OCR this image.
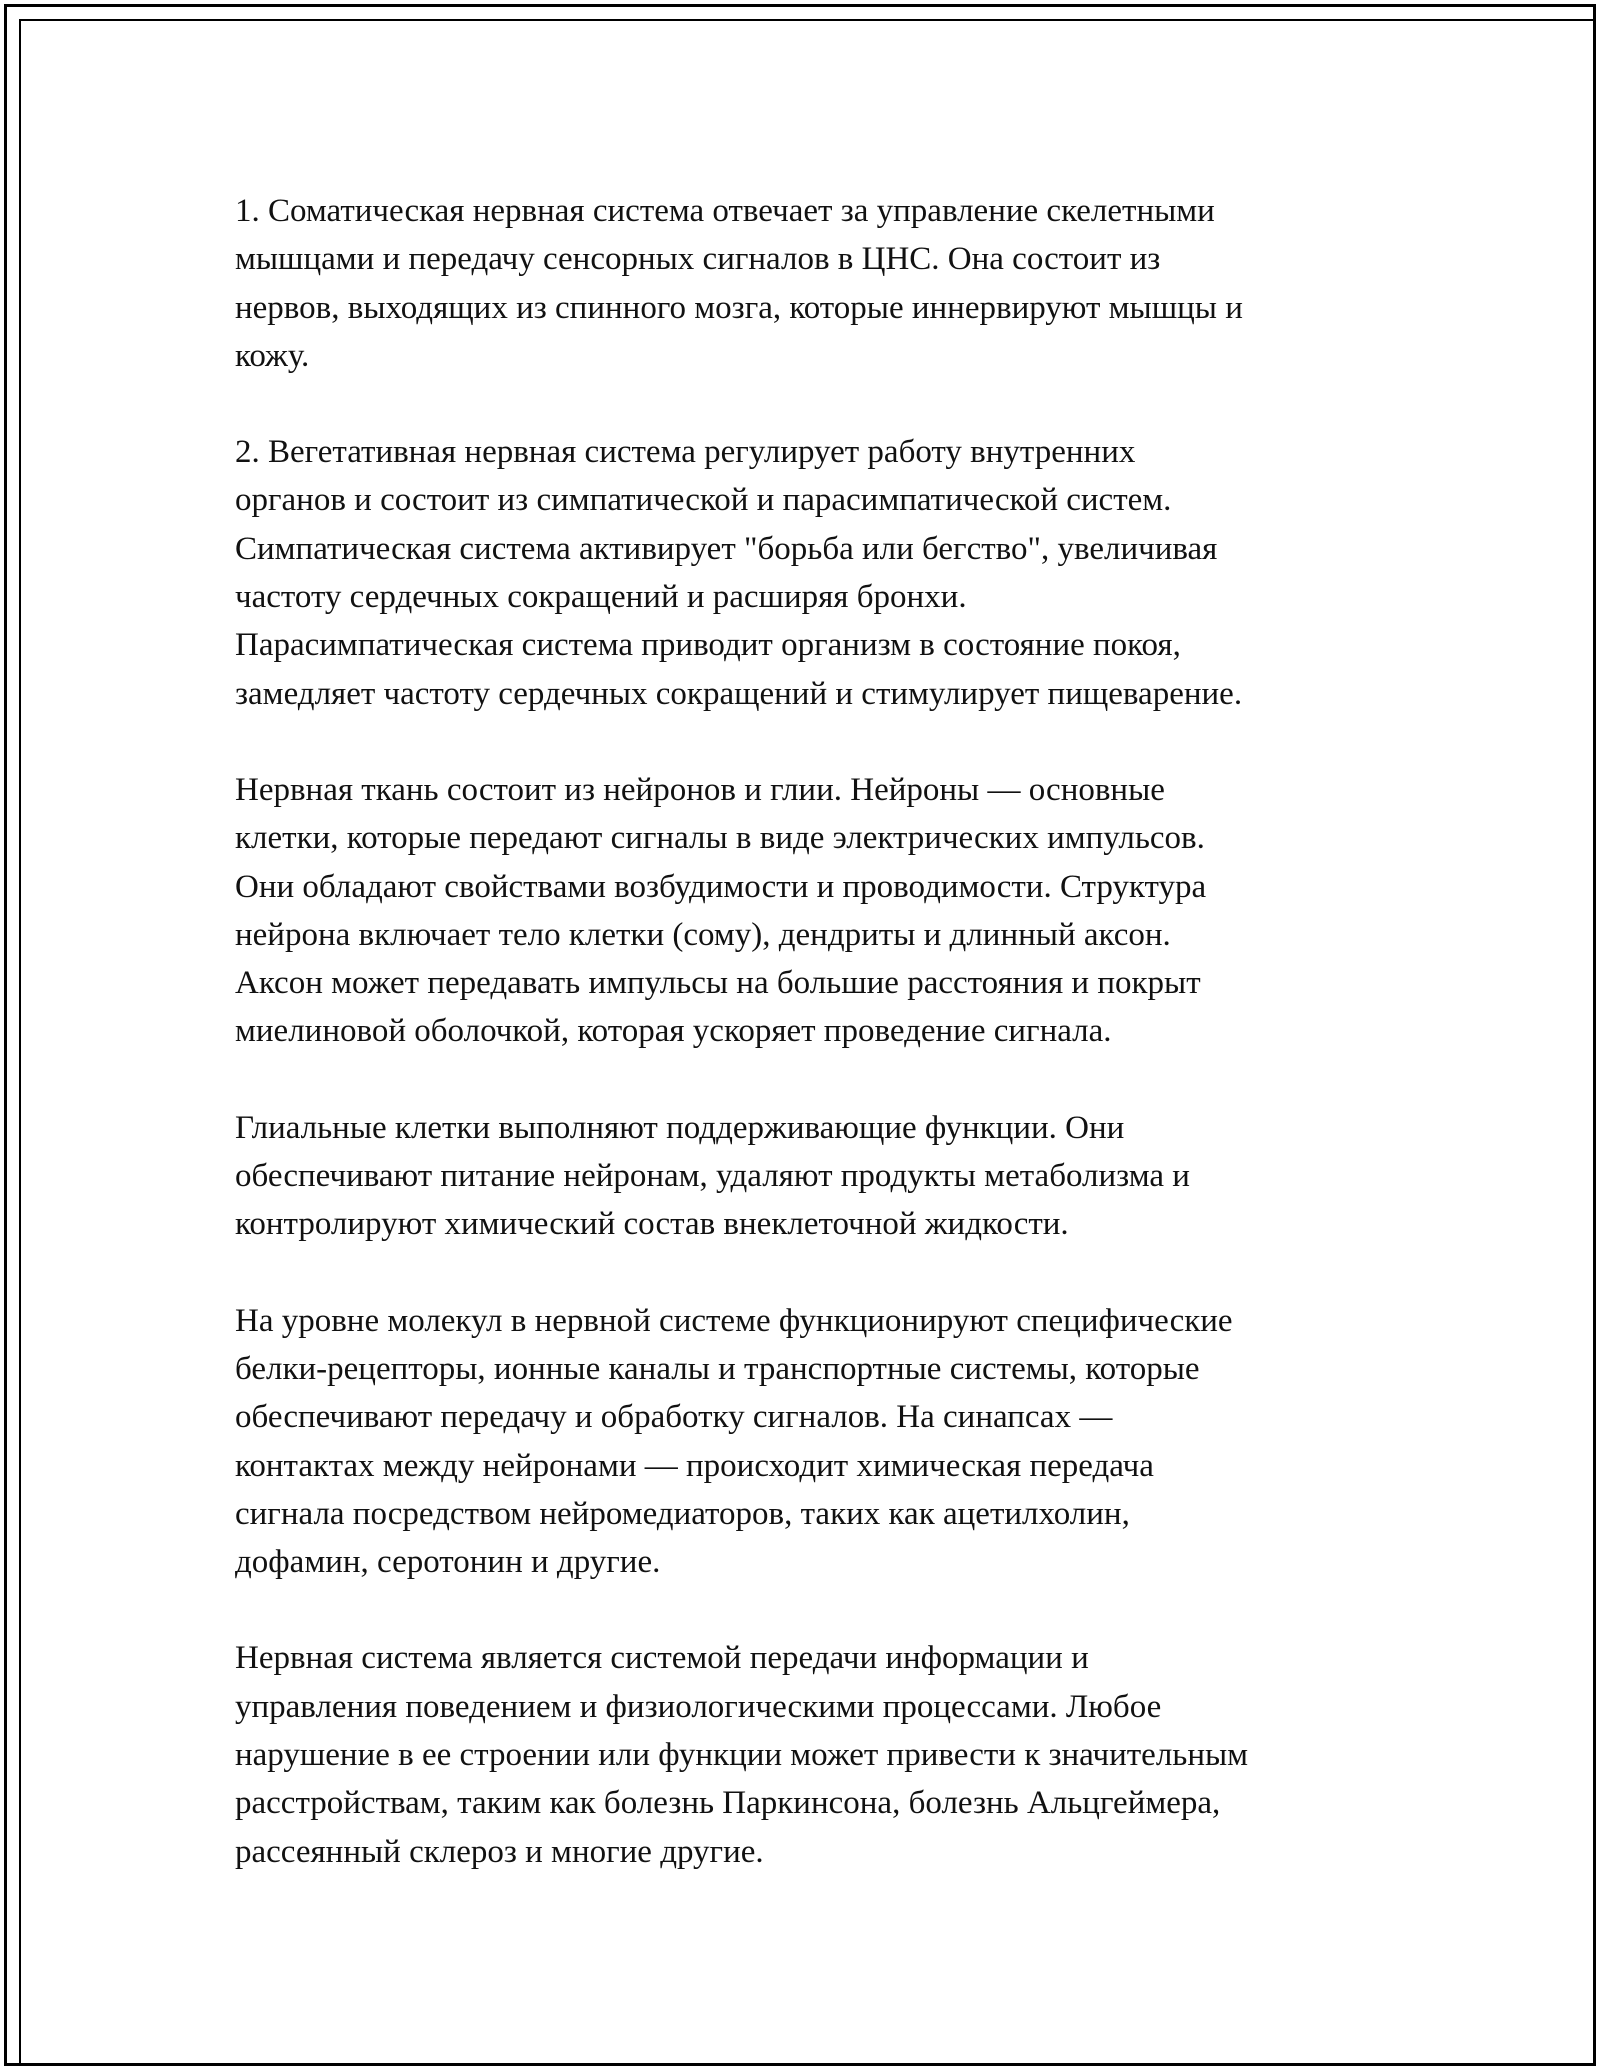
1. Соматическая нервная система отвечает за управление скелетными
мышцами и передачу сенсорных сигналов в ЦНС. Она состоит из
нервов, выходящих из спинного мозга, которые иннервируют мышцы и
кожу.

2. Вегетативная нервная система регулирует работу внутренних
органов и состоит из симпатической и парасимпатической систем.
Симпатическая система активирует "борьба или бегство", увеличивая
частоту сердечных сокращений и расширяя бронхи.
Парасимпатическая система приводит организм в состояние покоя,
замедляет частоту сердечных сокращений и стимулирует пищеварение.

Нервная ткань состоит из нейронов и глии. Нейроны — основные
клетки, которые передают сигналы в виде электрических импульсов.
Они обладают свойствами возбудимости и проводимости. Структура
нейрона включает тело клетки (сому), дендриты и длинный аксон.
Аксон может передавать импульсы на большие расстояния и покрыт
миелиновой оболочкой, которая ускоряет проведение сигнала.

Глиальные клетки выполняют поддерживающие функции. Они
обеспечивают питание нейронам, удаляют продукты метаболизма и
контролируют химический состав внеклеточной жидкости.

На уровне молекул в нервной системе функционируют специфические
белки-рецепторы, ионные каналы и транспортные системы, которые
обеспечивают передачу и обработку сигналов. На синапсах —
контактах между нейронами — происходит химическая передача
сигнала посредством нейромедиаторов, таких как ацетилхолин,
дофамин, серотонин и другие.

Нервная система является системой передачи информации и
управления поведением и физиологическими процессами. Любое
нарушение в ее строении или функции может привести к значительным
расстройствам, таким как болезнь Паркинсона, болезнь Альцгеймера,
рассеянный склероз и многие другие.
